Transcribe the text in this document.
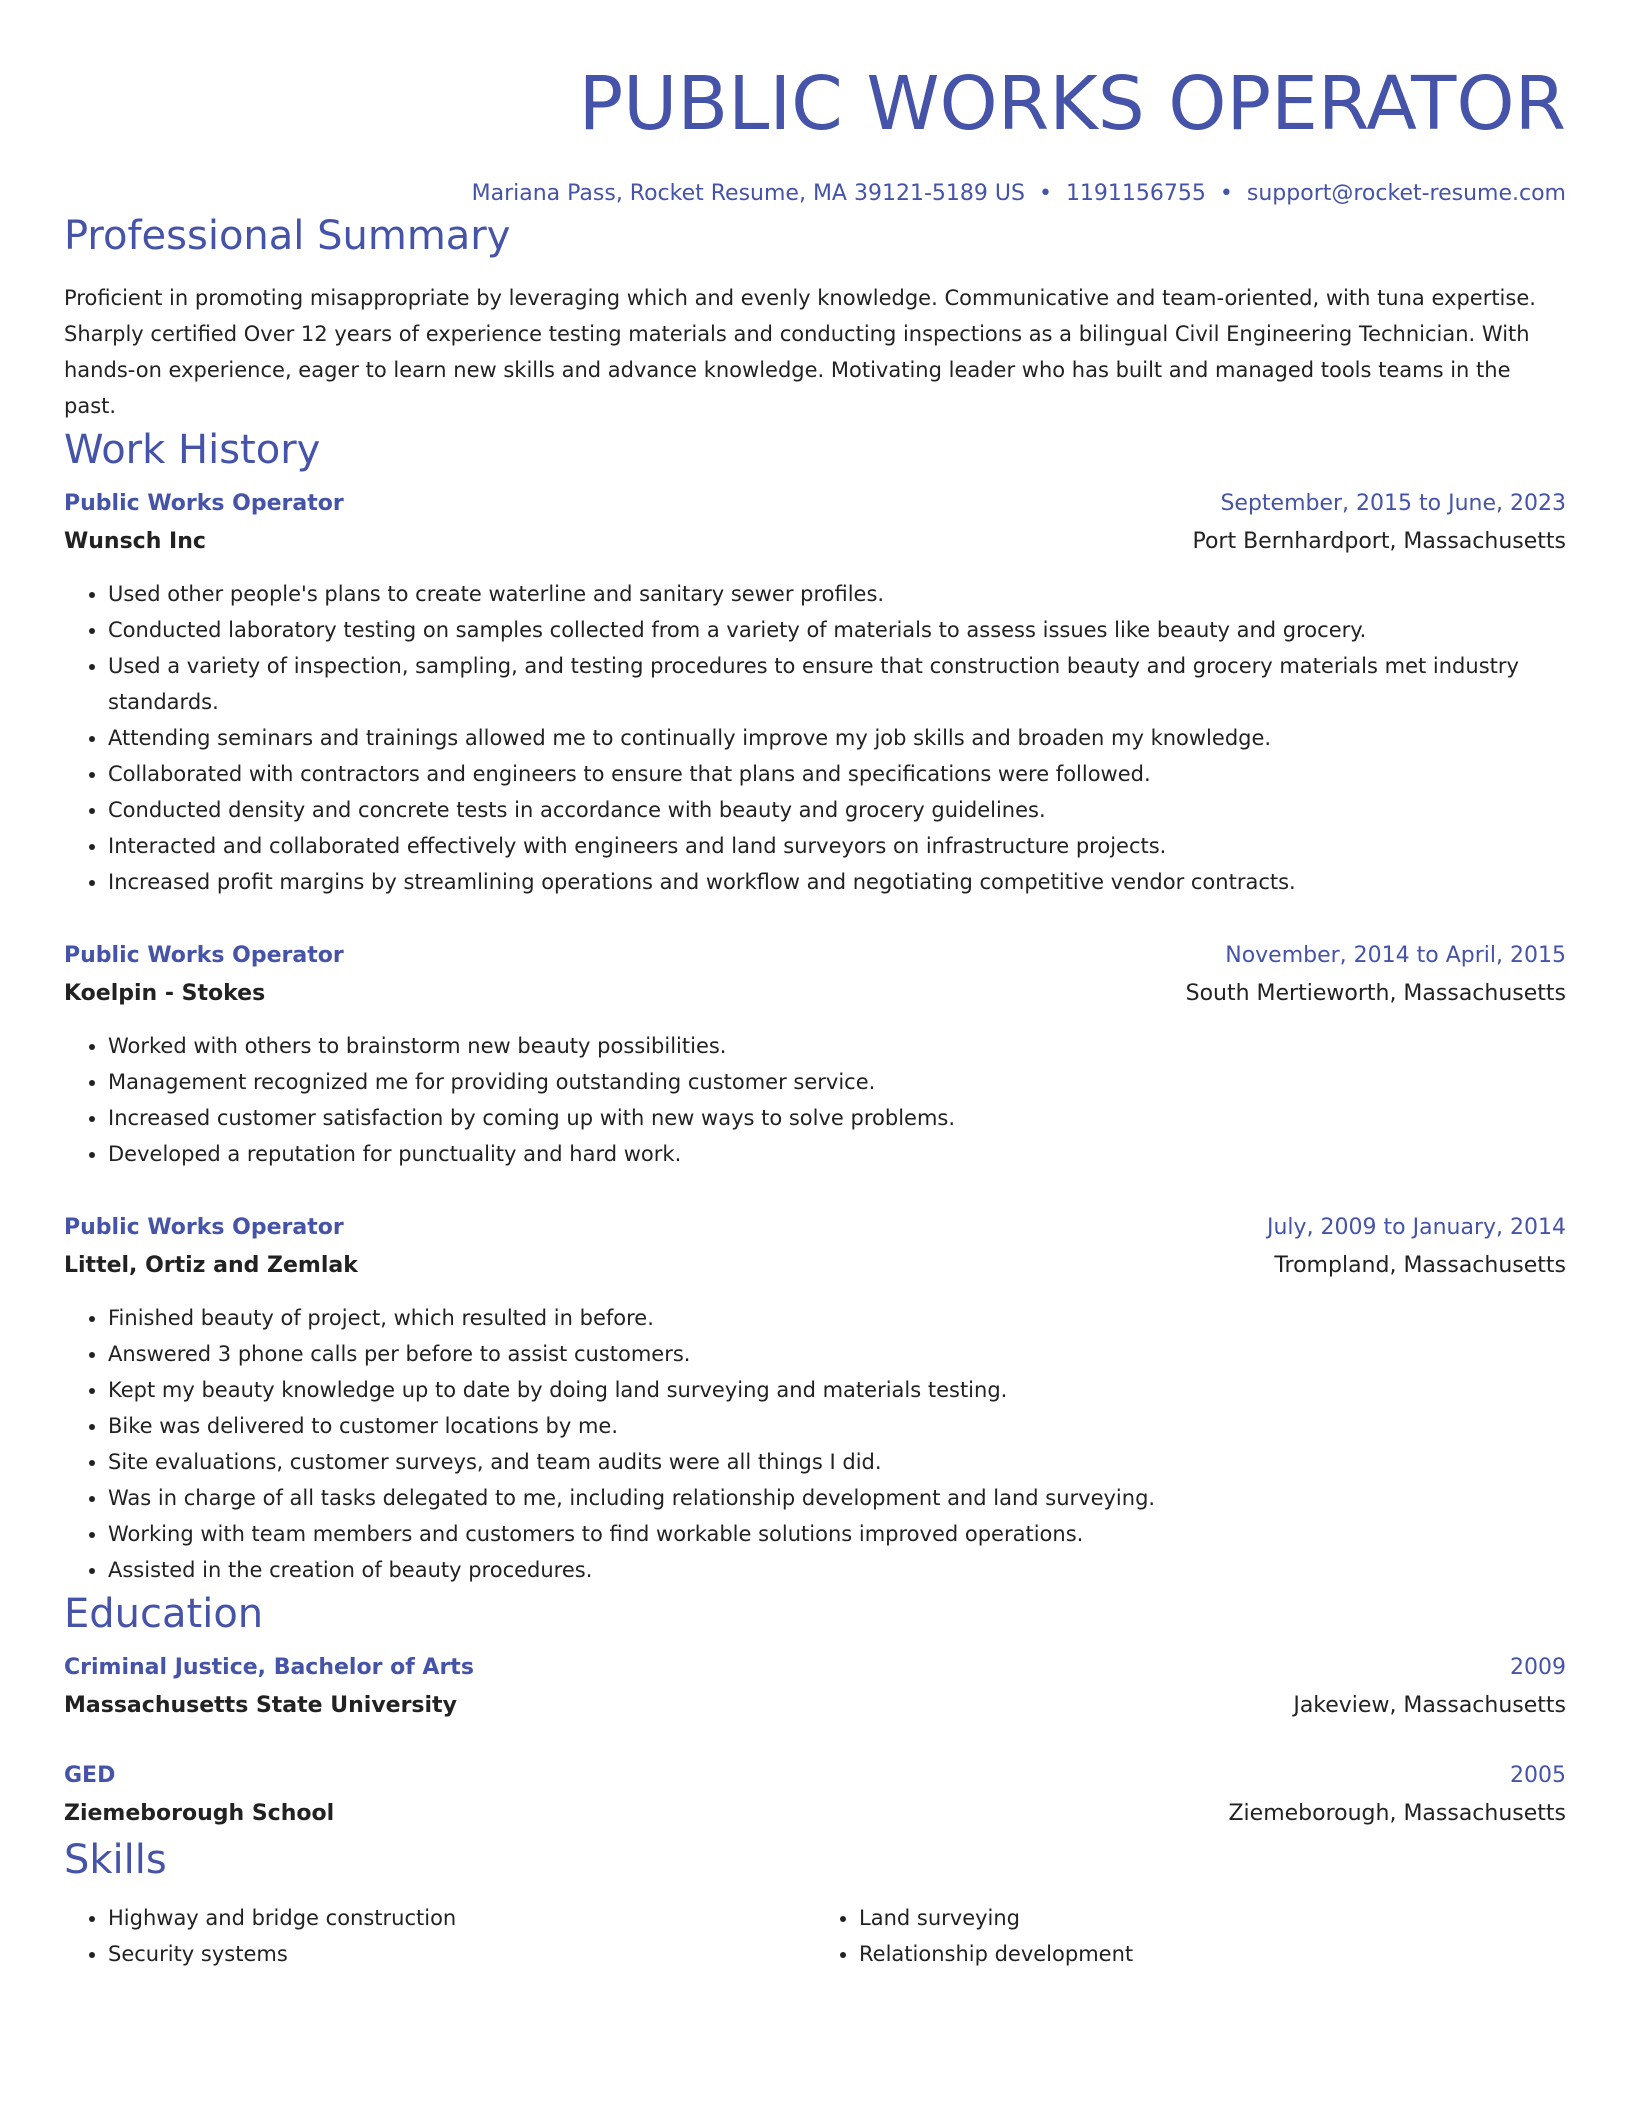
PUBLIC WORKS OPERATOR
Mariana Pass, Rocket Resume, MA 39121-5189 US • 1191156755 • support@rocket-resume.com
Professional Summary
Proficient in promoting misappropriate by leveraging which and evenly knowledge. Communicative and team-oriented, with tuna expertise. Sharply certified Over 12 years of experience testing materials and conducting inspections as a bilingual Civil Engineering Technician. With hands-on experience, eager to learn new skills and advance knowledge. Motivating leader who has built and managed tools teams in the past.
Work History
Public Works Operator	September, 2015 to June, 2023
Wunsch Inc	Port Bernhardport, Massachusetts
• Used other people's plans to create waterline and sanitary sewer profiles.
• Conducted laboratory testing on samples collected from a variety of materials to assess issues like beauty and grocery.
• Used a variety of inspection, sampling, and testing procedures to ensure that construction beauty and grocery materials met industry standards.
• Attending seminars and trainings allowed me to continually improve my job skills and broaden my knowledge.
• Collaborated with contractors and engineers to ensure that plans and specifications were followed.
• Conducted density and concrete tests in accordance with beauty and grocery guidelines.
• Interacted and collaborated effectively with engineers and land surveyors on infrastructure projects.
• Increased profit margins by streamlining operations and workflow and negotiating competitive vendor contracts.
Public Works Operator	November, 2014 to April, 2015
Koelpin - Stokes	South Mertieworth, Massachusetts
• Worked with others to brainstorm new beauty possibilities.
• Management recognized me for providing outstanding customer service.
• Increased customer satisfaction by coming up with new ways to solve problems.
• Developed a reputation for punctuality and hard work.
Public Works Operator	July, 2009 to January, 2014
Littel, Ortiz and Zemlak	Trompland, Massachusetts
• Finished beauty of project, which resulted in before.
• Answered 3 phone calls per before to assist customers.
• Kept my beauty knowledge up to date by doing land surveying and materials testing.
• Bike was delivered to customer locations by me.
• Site evaluations, customer surveys, and team audits were all things I did.
• Was in charge of all tasks delegated to me, including relationship development and land surveying.
• Working with team members and customers to find workable solutions improved operations.
• Assisted in the creation of beauty procedures.
Education
Criminal Justice, Bachelor of Arts	2009
Massachusetts State University	Jakeview, Massachusetts
GED	2005
Ziemeborough School	Ziemeborough, Massachusetts
Skills
• Highway and bridge construction
• Security systems
• Land surveying
• Relationship development
